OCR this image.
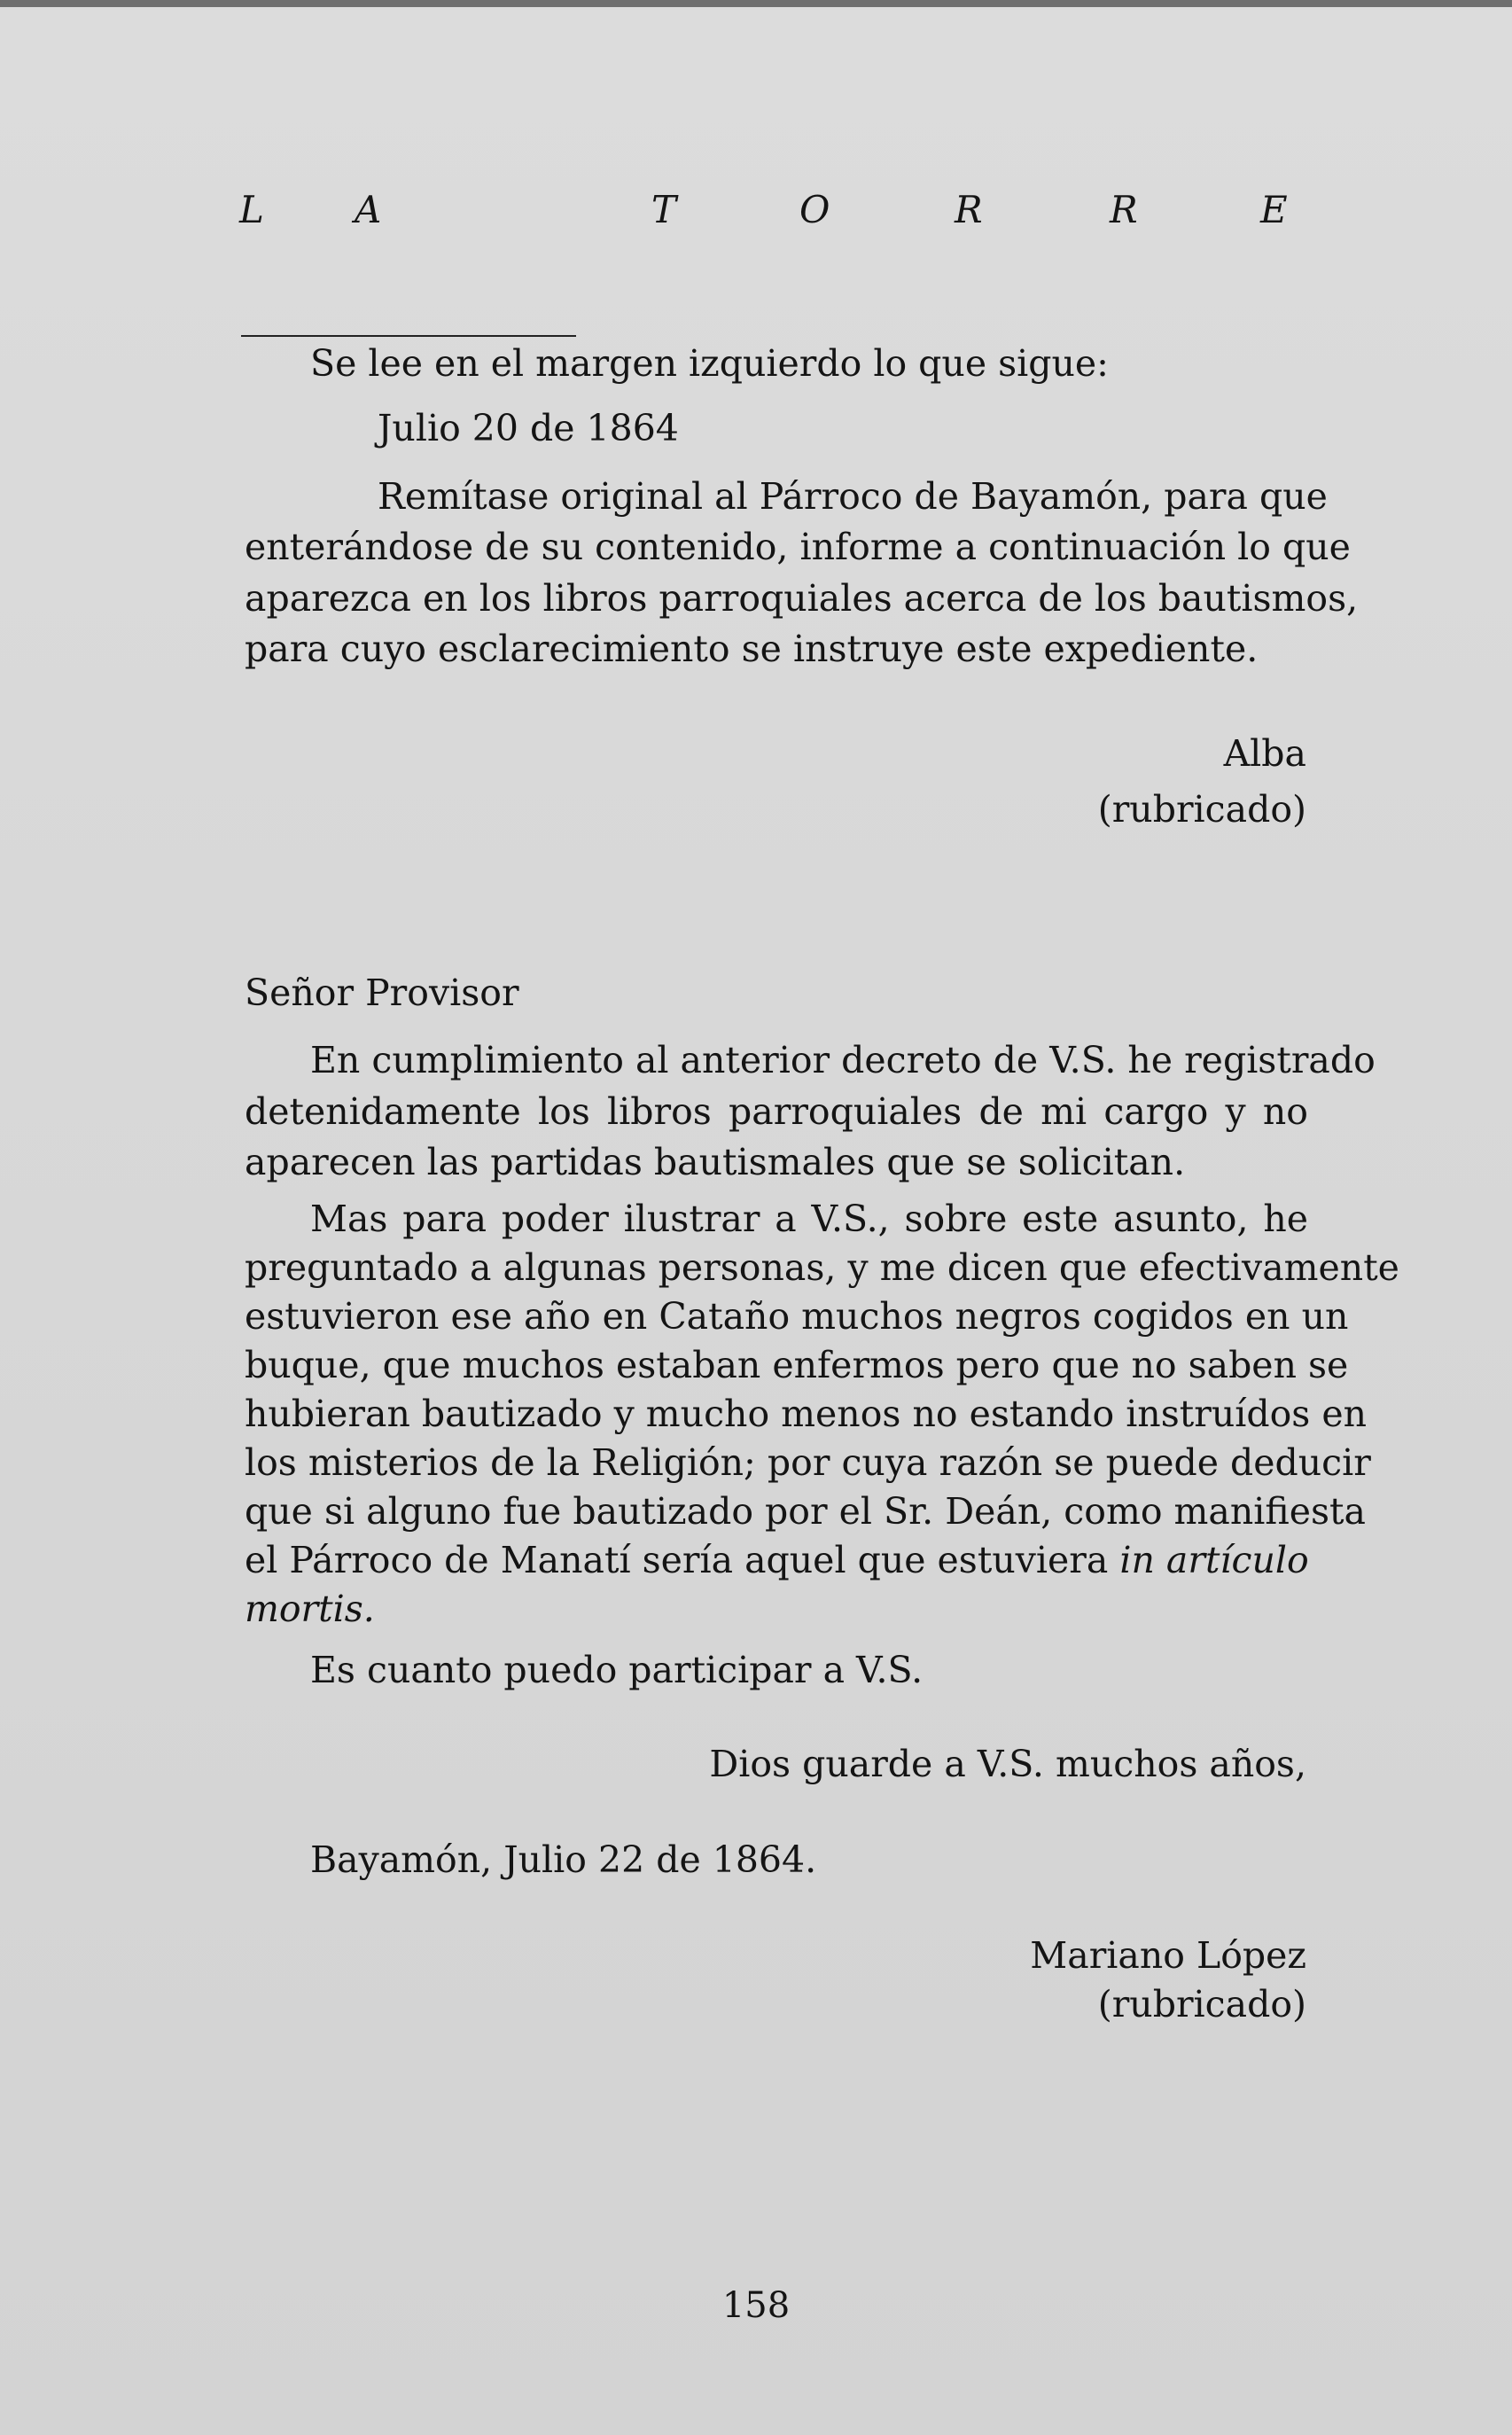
L A	T	O	R	R	E
Se lee en el margen izquierdo lo que sigue:
Julio 20 de 1864
Remítase original al Párroco de Bayamón, para que
enterándose de su contenido, informe a continuación lo que
aparezca en los libros parroquiales acerca de los bautismos,
para cuyo esclarecimiento se instruye este expediente.
Alba
(rubricado)
Señor Provisor
En cumplimiento al anterior decreto de V.S. he registrado
detenidamente los libros parroquiales de mi cargo y no
aparecen las partidas bautismales que se solicitan.
Mas para poder ilustrar a V.S., sobre este asunto, he
preguntado a algunas personas, y me dicen que efectivamente
estuvieron ese año en Cataño muchos negros cogidos en un
buque, que muchos estaban enfermos pero que no saben se
hubieran bautizado y mucho menos no estando instruídos en
los misterios de la Religión; por cuya razón se puede deducir
que si alguno fue bautizado por el Sr. Deán, como manifiesta
el Párroco de Manatí sería aquel que estuviera in artículo
mortis.
Es cuanto puedo participar a V.S.
Dios guarde a V.S. muchos años,
Bayamón, Julio 22 de 1864.
Mariano López
(rubricado)
158
